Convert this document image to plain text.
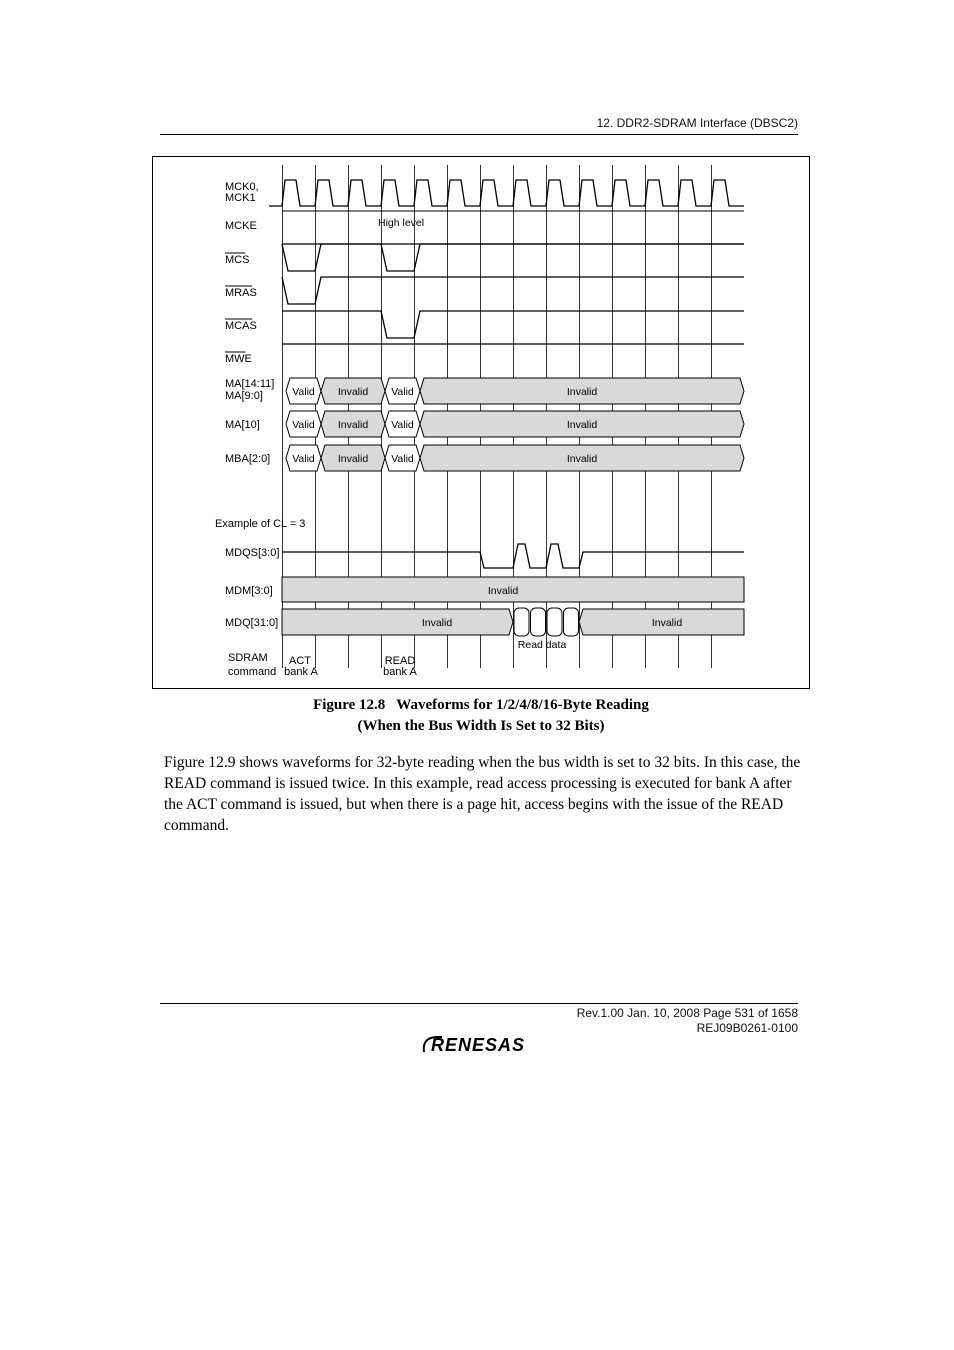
12. DDR2-SDRAM Interface (DBSC2)
Valid Invalid Valid	Invalid
Valid Invalid Valid	Invalid
Valid Invalid Valid	Invalid
Invalid
Invalid	Invalid
Read data
MCK0,
MCK1
MCKE	High level
MCS
MRAS
MCAS
MWE
MA[14:11]
MA[9:0]
MA[10]
MBA[2:0]
Example of CL = 3
MDQS[3:0]
MDM[3:0]
MDQ[31:0]
SDRAM
command
ACT
bank A
READ
bank A
Figure 12.8   Waveforms for 1/2/4/8/16-Byte Reading
(When the Bus Width Is Set to 32 Bits)
Figure 12.9 shows waveforms for 32-byte reading when the bus width is set to 32 bits. In this case, the READ command is issued twice. In this example, read access processing is executed for bank A after the ACT command is issued, but when there is a page hit, access begins with the issue of the READ command.
Rev.1.00 Jan. 10, 2008 Page 531 of 1658
REJ09B0261-0100
RENESAS
